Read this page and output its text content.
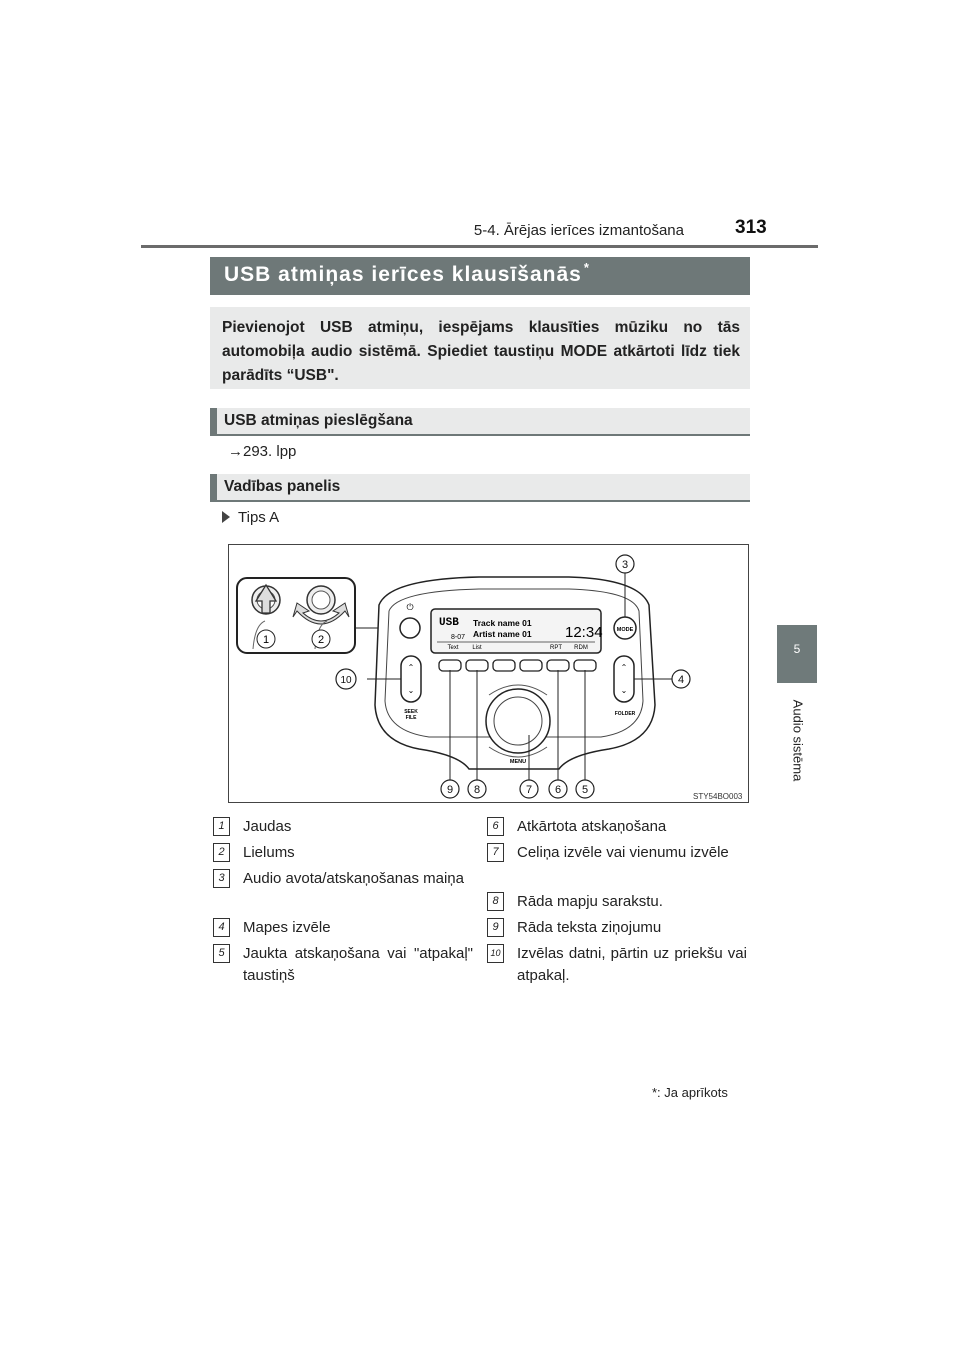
5-4. Ārējas ierīces izmantošana	313
5
Audio sistēma
USB atmiņas ierīces klausīšanās *
Pievienojot USB atmiņu, iespējams klausīties mūziku no tās automobiļa audio sistēmā. Spiediet taustiņu MODE atkārtoti līdz tiek parādīts “USB".
USB atmiņas pieslēgšana
→293. lpp
Vadības panelis
Tips A
1	2
⏻
USB Track name 01
Artist name 01
8-07	12:34
Text List	RPT RDM
MODE
⌃
⌄
SEEK
FILE
⌃
⌄
FOLDER
MENU
3
4
5
6
7
8
9
10
STY54BO003
1	Jaudas
2	Lielums
3	Audio avota/atskaņošanas maiņa
4	Mapes izvēle
5	Jaukta atskaņošana vai "atpakaļ" taustiņš
6	Atkārtota atskaņošana
7	Celiņa izvēle vai vienumu izvēle
8	Rāda mapju sarakstu.
9	Rāda teksta ziņojumu
10 Izvēlas datni, pārtin uz priekšu vai atpakaļ.
*: Ja aprīkots
